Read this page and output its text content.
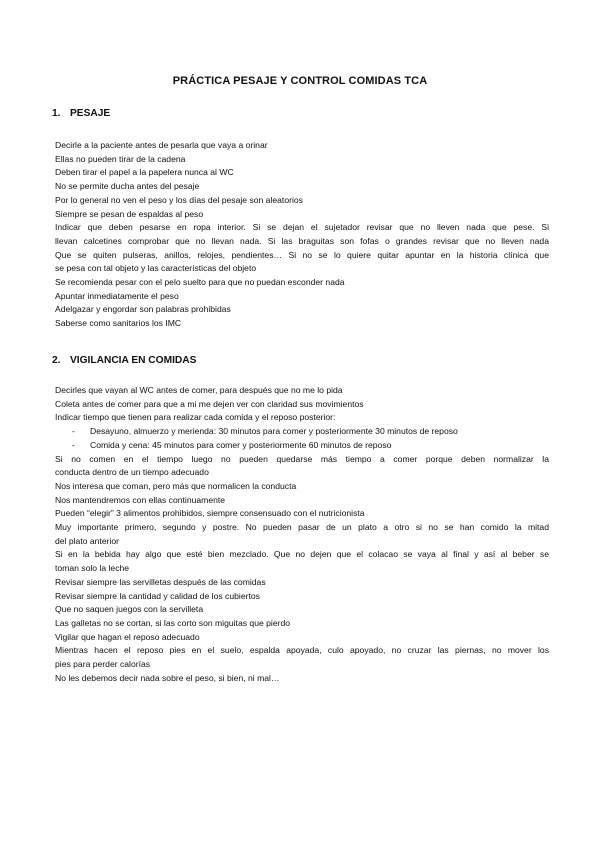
PRÁCTICA PESAJE Y CONTROL COMIDAS TCA
1. PESAJE
Decirle a la paciente antes de pesarla que vaya a orinar
Ellas no pueden tirar de la cadena
Deben tirar el papel a la papelera nunca al WC
No se permite ducha antes del pesaje
Por lo general no ven el peso y los días del pesaje son aleatorios
Siempre se pesan de espaldas al peso
Indicar que deben pesarse en ropa interior. Si se dejan el sujetador revisar que no lleven nada que pese. Si
llevan calcetines comprobar que no llevan nada. Si las braguitas son fofas o grandes revisar que no lleven nada
Que se quiten pulseras, anillos, relojes, pendientes… Si no se lo quiere quitar apuntar en la historia clínica que
se pesa con tal objeto y las características del objeto
Se recomienda pesar con el pelo suelto para que no puedan esconder nada
Apuntar inmediatamente el peso
Adelgazar y engordar son palabras prohibidas
Saberse como sanitarios los IMC
2. VIGILANCIA EN COMIDAS
Decirles que vayan al WC antes de comer, para después que no me lo pida
Coleta antes de comer para que a mi me dejen ver con claridad sus movimientos
Indicar tiempo que tienen para realizar cada comida y el reposo posterior:
- Desayuno, almuerzo y merienda: 30 minutos para comer y posteriormente 30 minutos de reposo
- Comida y cena: 45 minutos para comer y posteriormente 60 minutos de reposo
Si no comen en el tiempo luego no pueden quedarse más tiempo a comer porque deben normalizar la
conducta dentro de un tiempo adecuado
Nos interesa que coman, pero más que normalicen la conducta
Nos mantendremos con ellas continuamente
Pueden “elegir” 3 alimentos prohibidos, siempre consensuado con el nutricionista
Muy importante primero, segundo y postre. No pueden pasar de un plato a otro si no se han comido la mitad
del plato anterior
Si en la bebida hay algo que esté bien mezclado. Que no dejen que el colacao se vaya al final y así al beber se
toman solo la leche
Revisar siempre las servilletas después de las comidas
Revisar siempre la cantidad y calidad de los cubiertos
Que no saquen juegos con la servilleta
Las galletas no se cortan, si las corto son miguitas que pierdo
Vigilar que hagan el reposo adecuado
Mientras hacen el reposo pies en el suelo, espalda apoyada, culo apoyado, no cruzar las piernas, no mover los
pies para perder calorías
No les debemos decir nada sobre el peso, si bien, ni mal…
